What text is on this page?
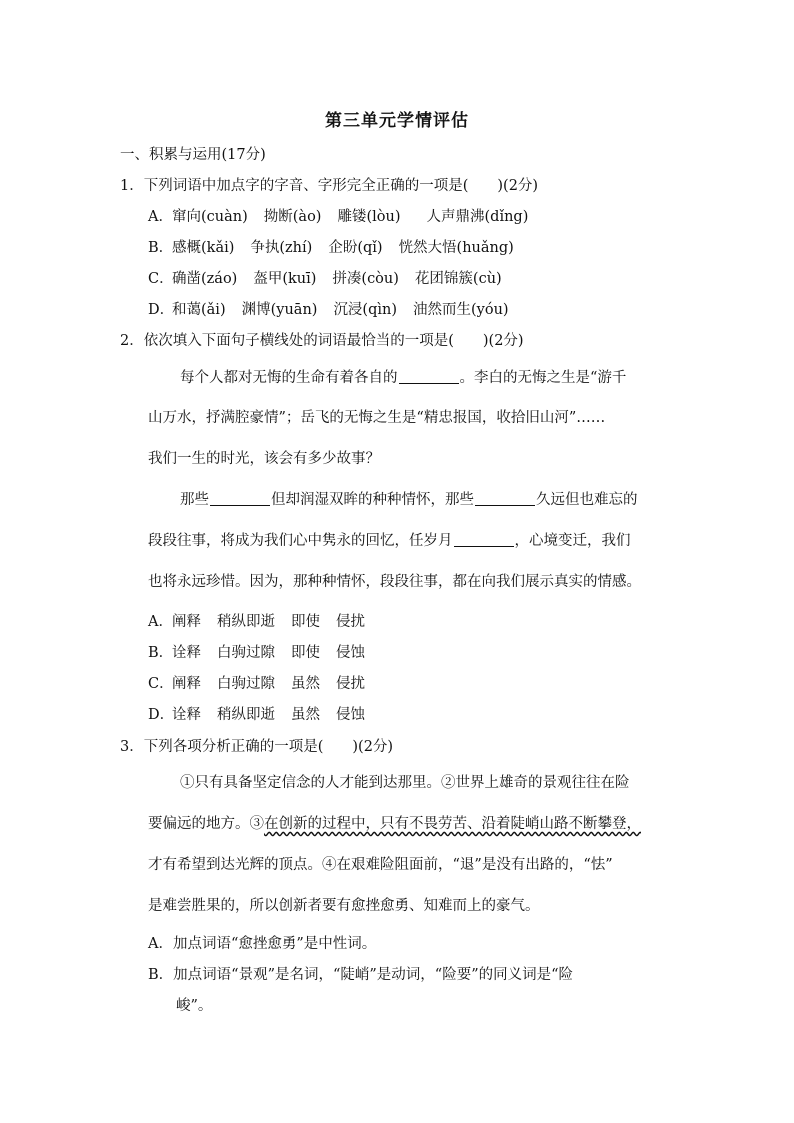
第三单元学情评估
一、积累与运用(17分)
1．下列词语中加点字的字音、字形完全正确的一项是(　　)(2分)
A．窜向(cuàn) 拗断(ào) 雕镂(lòu) 人声鼎沸(dǐng)
B．感概(kǎi) 争执(zhí) 企盼(qǐ) 恍然大悟(huǎng)
C．确凿(záo) 盔甲(kuī) 拼凑(còu) 花团锦簇(cù)
D．和蔼(ǎi) 渊博(yuān) 沉浸(qìn) 油然而生(yóu)
2．依次填入下面句子横线处的词语最恰当的一项是(　　)(2分)
每个人都对无悔的生命有着各自的	。李白的无悔之生是“游千
山万水，抒满腔豪情”；岳飞的无悔之生是“精忠报国，收拾旧山河”……
我们一生的时光，该会有多少故事？
那些	但却润湿双眸的种种情怀，那些	久远但也难忘的
段段往事，将成为我们心中隽永的回忆，任岁月	，心境变迁，我们
也将永远珍惜。因为，那种种情怀，段段往事，都在向我们展示真实的情感。
A．阐释 稍纵即逝 即使 侵扰
B．诠释 白驹过隙 即使 侵蚀
C．阐释 白驹过隙 虽然 侵扰
D．诠释 稍纵即逝 虽然 侵蚀
3．下列各项分析正确的一项是(　　)(2分)
①只有具备坚定信念的人才能到达那里。②世界上雄奇的景观往往在险
要偏远的地方。③在创新的过程中，只有不畏劳苦、沿着陡峭山路不断攀登，
才有希望到达光辉的顶点。④在艰难险阻面前，“退”是没有出路的，“怯”
是难尝胜果的，所以创新者要有愈挫愈勇、知难而上的豪气。
A．加点词语“愈挫愈勇”是中性词。
B．加点词语“景观”是名词，“陡峭”是动词，“险要”的同义词是“险
峻”。
